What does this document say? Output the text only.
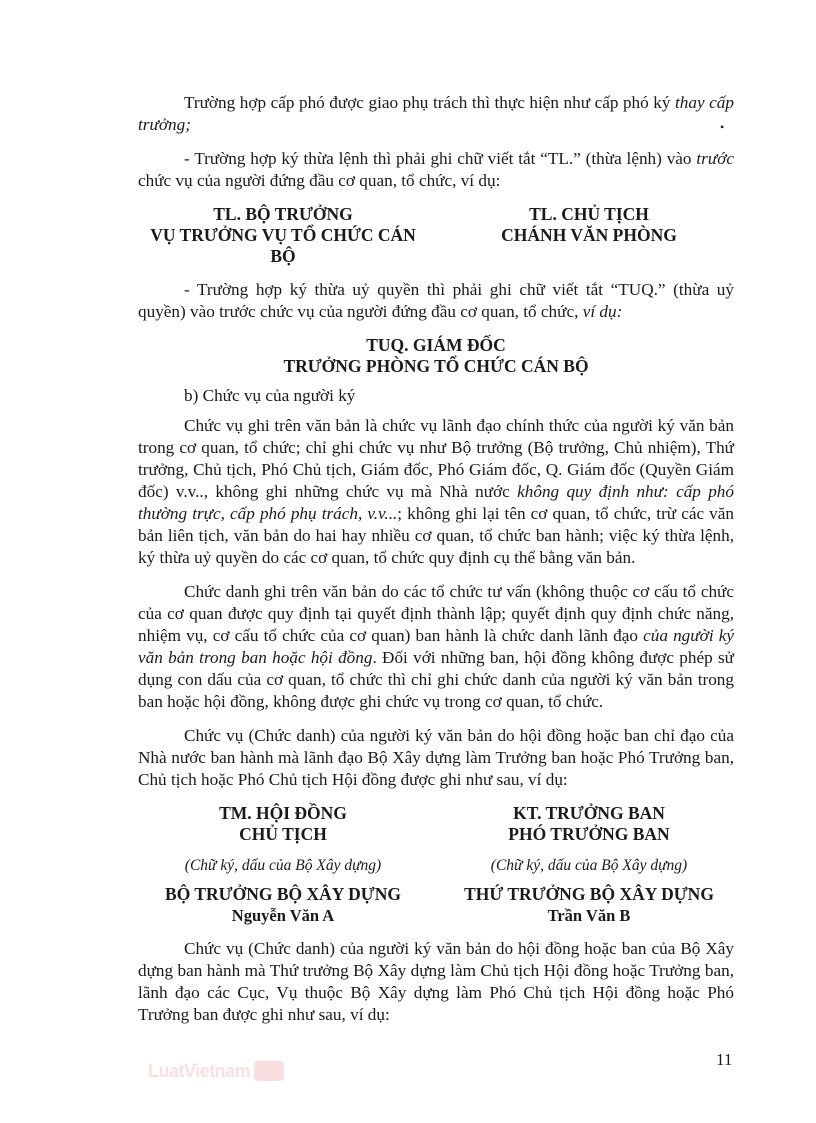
•

Trường hợp cấp phó được giao phụ trách thì thực hiện như cấp phó ký thay cấp trưởng;

- Trường hợp ký thừa lệnh thì phải ghi chữ viết tắt “TL.” (thừa lệnh) vào trước chức vụ của người đứng đầu cơ quan, tổ chức, ví dụ:

TL. BỘ TRƯỞNG
VỤ TRƯỞNG VỤ TỔ CHỨC CÁN BỘ
TL. CHỦ TỊCH
CHÁNH VĂN PHÒNG

- Trường hợp ký thừa uỷ quyền thì phải ghi chữ viết tắt “TUQ.” (thừa uỷ quyền) vào trước chức vụ của người đứng đầu cơ quan, tổ chức, ví dụ:

TUQ. GIÁM ĐỐC
TRƯỞNG PHÒNG TỔ CHỨC CÁN BỘ

b) Chức vụ của người ký

Chức vụ ghi trên văn bản là chức vụ lãnh đạo chính thức của người ký văn bản trong cơ quan, tổ chức; chỉ ghi chức vụ như Bộ trưởng (Bộ trưởng, Chủ nhiệm), Thứ trưởng, Chủ tịch, Phó Chủ tịch, Giám đốc, Phó Giám đốc, Q. Giám đốc (Quyền Giám đốc) v.v.., không ghi những chức vụ mà Nhà nước không quy định như: cấp phó thường trực, cấp phó phụ trách, v.v...; không ghi lại tên cơ quan, tổ chức, trừ các văn bản liên tịch, văn bản do hai hay nhiều cơ quan, tổ chức ban hành; việc ký thừa lệnh, ký thừa uỷ quyền do các cơ quan, tổ chức quy định cụ thể bằng văn bản.

Chức danh ghi trên văn bản do các tổ chức tư vấn (không thuộc cơ cấu tổ chức của cơ quan được quy định tại quyết định thành lập; quyết định quy định chức năng, nhiệm vụ, cơ cấu tổ chức của cơ quan) ban hành là chức danh lãnh đạo của người ký văn bản trong ban hoặc hội đồng. Đối với những ban, hội đồng không được phép sử dụng con dấu của cơ quan, tổ chức thì chỉ ghi chức danh của người ký văn bản trong ban hoặc hội đồng, không được ghi chức vụ trong cơ quan, tổ chức.

Chức vụ (Chức danh) của người ký văn bản do hội đồng hoặc ban chỉ đạo của Nhà nước ban hành mà lãnh đạo Bộ Xây dựng làm Trưởng ban hoặc Phó Trưởng ban, Chủ tịch hoặc Phó Chủ tịch Hội đồng được ghi như sau, ví dụ:

TM. HỘI ĐỒNG
CHỦ TỊCH
(Chữ ký, dấu của Bộ Xây dựng)
BỘ TRƯỞNG BỘ XÂY DỰNG
Nguyễn Văn A
KT. TRƯỞNG BAN
PHÓ TRƯỞNG BAN
(Chữ ký, dấu của Bộ Xây dựng)
THỨ TRƯỞNG BỘ XÂY DỰNG
Trần Văn B

Chức vụ (Chức danh) của người ký văn bản do hội đồng hoặc ban của Bộ Xây dựng ban hành mà Thứ trưởng Bộ Xây dựng làm Chủ tịch Hội đồng hoặc Trưởng ban, lãnh đạo các Cục, Vụ thuộc Bộ Xây dựng làm Phó Chủ tịch Hội đồng hoặc Phó Trưởng ban được ghi như sau, ví dụ:

LuatVietnam
11
